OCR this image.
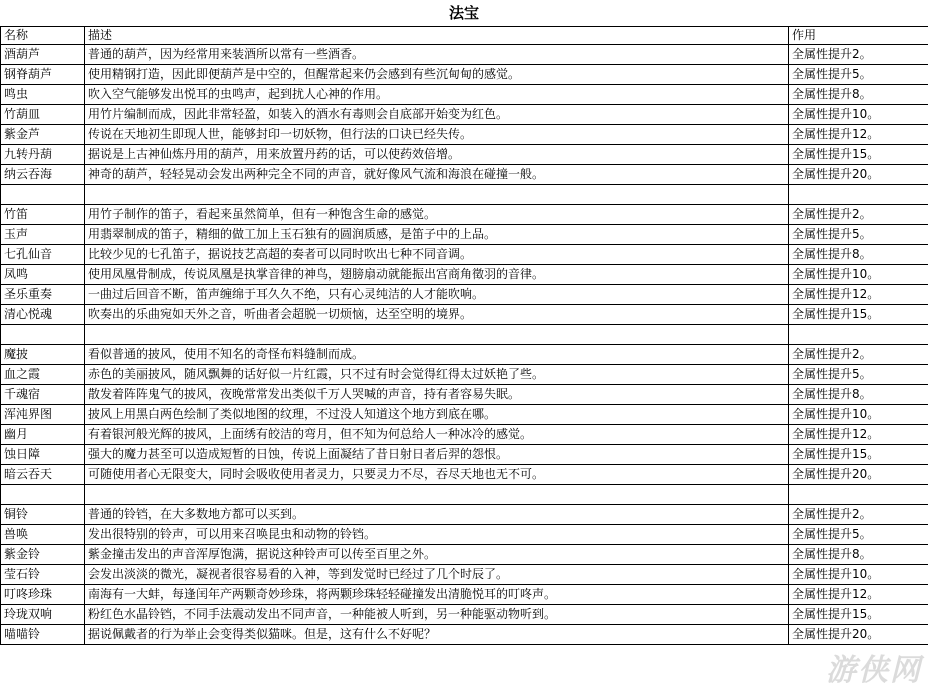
法宝
名称	描述	作用
酒葫芦	普通的葫芦，因为经常用来装酒所以常有一些酒香。	全属性提升2。
钢脊葫芦	使用精钢打造，因此即便葫芦是中空的，但醒常起来仍会感到有些沉甸甸的感觉。	全属性提升5。
鸣虫	吹入空气能够发出悦耳的虫鸣声，起到扰人心神的作用。	全属性提升8。
竹葫皿	用竹片编制而成，因此非常轻盈，如装入的酒水有毒则会自底部开始变为红色。	全属性提升10。
紫金芦	传说在天地初生即现人世，能够封印一切妖物，但行法的口诀已经失传。	全属性提升12。
九转丹葫	据说是上古神仙炼丹用的葫芦，用来放置丹药的话，可以使药效倍增。	全属性提升15。
纳云吞海	神奇的葫芦，轻轻晃动会发出两种完全不同的声音，就好像风气流和海浪在碰撞一般。	全属性提升20。

竹笛	用竹子制作的笛子，看起来虽然简单，但有一种饱含生命的感觉。	全属性提升2。
玉声	用翡翠制成的笛子，精细的做工加上玉石独有的圆润质感，是笛子中的上品。	全属性提升5。
七孔仙音	比较少见的七孔笛子，据说技艺高超的奏者可以同时吹出七种不同音调。	全属性提升8。
凤鸣	使用凤凰骨制成，传说凤凰是执掌音律的神鸟，翅膀扇动就能振出宫商角徵羽的音律。	全属性提升10。
圣乐重奏	一曲过后回音不断，笛声缠绵于耳久久不绝，只有心灵纯洁的人才能吹响。	全属性提升12。
清心悦魂	吹奏出的乐曲宛如天外之音，听曲者会超脱一切烦恼，达至空明的境界。	全属性提升15。

魔披	看似普通的披风，使用不知名的奇怪布料缝制而成。	全属性提升2。
血之霞	赤色的美丽披风，随风飘舞的话好似一片红霞，只不过有时会觉得红得太过妖艳了些。	全属性提升5。
千魂宿	散发着阵阵鬼气的披风，夜晚常常发出类似千万人哭喊的声音，持有者容易失眠。	全属性提升8。
浑沌界图	披风上用黑白两色绘制了类似地图的纹理，不过没人知道这个地方到底在哪。	全属性提升10。
幽月	有着银河般光辉的披风，上面绣有皎洁的弯月，但不知为何总给人一种冰冷的感觉。	全属性提升12。
蚀日障	强大的魔力甚至可以造成短暂的日蚀，传说上面凝结了昔日射日者后羿的怨恨。	全属性提升15。
暗云吞天	可随使用者心无限变大，同时会吸收使用者灵力，只要灵力不尽，吞尽天地也无不可。	全属性提升20。

铜铃	普通的铃铛，在大多数地方都可以买到。	全属性提升2。
兽唤	发出很特别的铃声，可以用来召唤昆虫和动物的铃铛。	全属性提升5。
紫金铃	紫金撞击发出的声音浑厚饱满，据说这种铃声可以传至百里之外。	全属性提升8。
莹石铃	会发出淡淡的微光，凝视者很容易看的入神，等到发觉时已经过了几个时辰了。	全属性提升10。
叮咚珍珠	南海有一大蚌，每逢闰年产两颗奇妙珍珠，将两颗珍珠轻轻碰撞发出清脆悦耳的叮咚声。	全属性提升12。
玲珑双响	粉红色水晶铃铛，不同手法震动发出不同声音，一种能被人听到，另一种能驱动物听到。	全属性提升15。
喵喵铃	据说佩戴者的行为举止会变得类似猫咪。但是，这有什么不好呢？	全属性提升20。
游侠网
